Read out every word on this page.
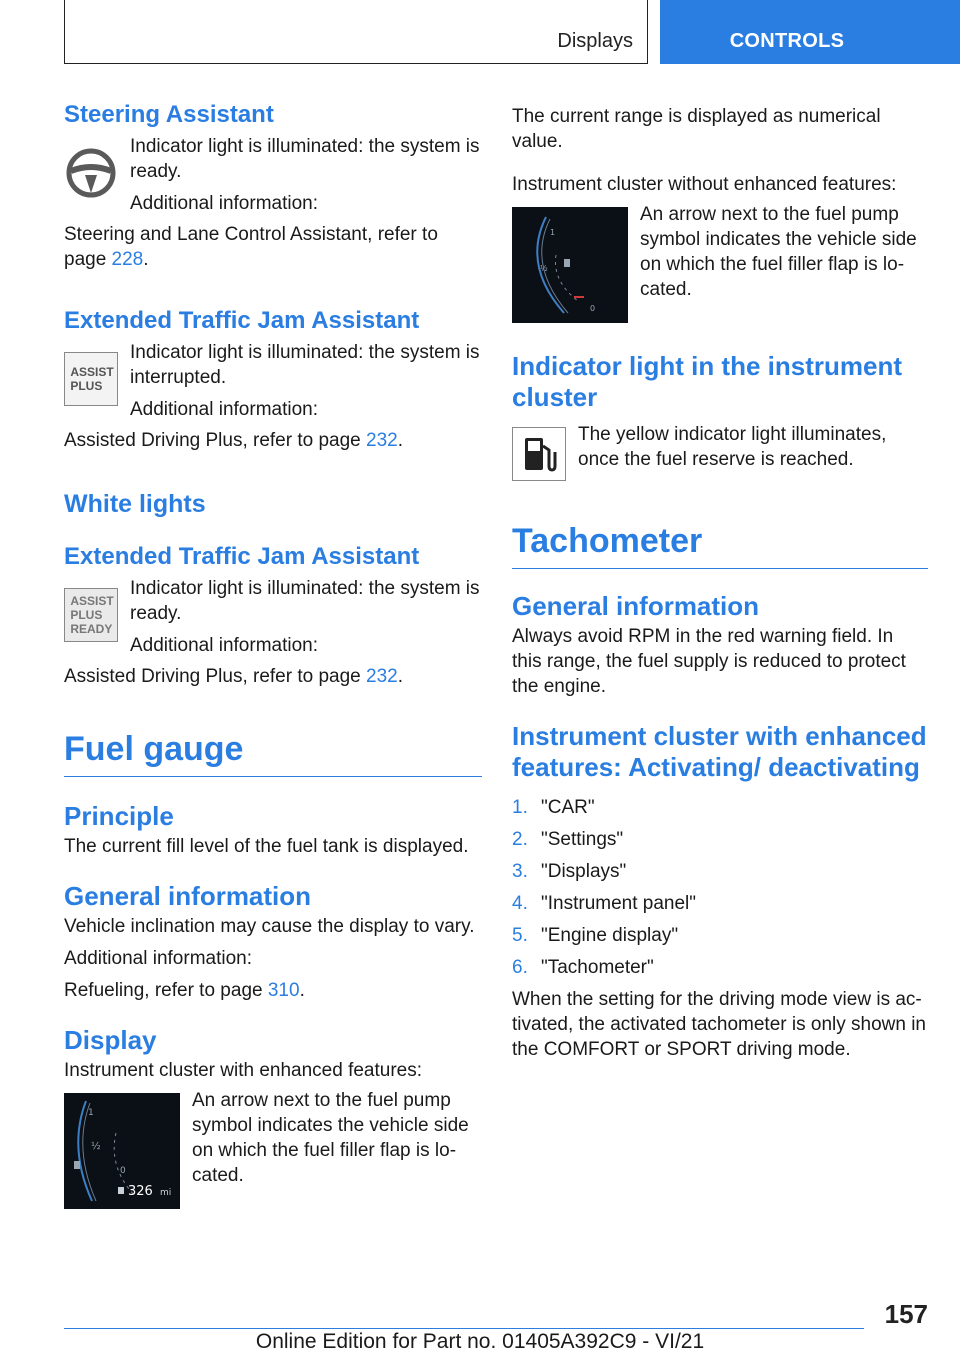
Displays	CONTROLS
Steering Assistant

Indicator light is illuminated: the system is ready.

Additional information:

Steering and Lane Control Assistant, refer to page 228.

Extended Traffic Jam Assistant
ASSIST
PLUS

Indicator light is illuminated: the system is interrupted.

Additional information:

Assisted Driving Plus, refer to page 232.

White lights
Extended Traffic Jam Assistant
ASSIST
PLUS
READY

Indicator light is illuminated: the system is ready.

Additional information:

Assisted Driving Plus, refer to page 232.

Fuel gauge
Principle

The current fill level of the fuel tank is displayed.

General information

Vehicle inclination may cause the display to vary.

Additional information:

Refueling, refer to page 310.

Display

Instrument cluster with enhanced features:

1
½
0
326 mi

An arrow next to the fuel pump symbol indicates the vehicle side on which the fuel filler flap is lo-cated.

The current range is displayed as numerical value.

Instrument cluster without enhanced features:

1
½
0

An arrow next to the fuel pump symbol indicates the vehicle side on which the fuel filler flap is lo-cated.

Indicator light in the instrument cluster

The yellow indicator light illuminates, once the fuel reserve is reached.

Tachometer
General information

Always avoid RPM in the red warning field. In this range, the fuel supply is reduced to protect the engine.

Instrument cluster with enhanced features: Activating/ deactivating
1. "CAR"
2. "Settings"
3. "Displays"
4. "Instrument panel"
5. "Engine display"
6. "Tachometer"

When the setting for the driving mode view is ac-tivated, the activated tachometer is only shown in the COMFORT or SPORT driving mode.

157
Online Edition for Part no. 01405A392C9 - VI/21
